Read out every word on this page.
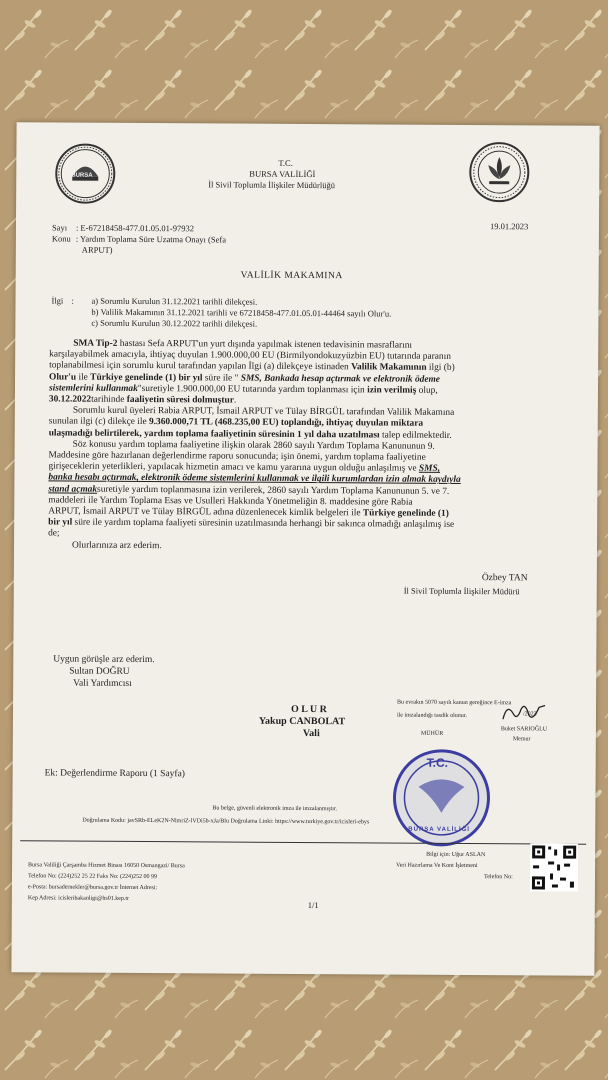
BURSA
T.C.
BURSA VALİLİĞİ
İl Sivil Toplumla İlişkiler Müdürlüğü
Sayı : E-67218458-477.01.05.01-97932	19.01.2023
Konu : Yardım Toplama Süre Uzatma Onayı (Sefa
ARPUT)
VALİLİK MAKAMINA
İlgi : a) Sorumlu Kurulun 31.12.2021 tarihli dilekçesi.
b) Valilik Makamının 31.12.2021 tarihli ve 67218458-477.01.05.01-44464 sayılı Olur'u.
c) Sorumlu Kurulun 30.12.2022 tarihli dilekçesi.
SMA Tip-2 hastası Sefa ARPUT'un yurt dışında yapılmak istenen tedavisinin masraflarını
karşılayabilmek amacıyla, ihtiyaç duyulan 1.900.000,00 EU (Birmilyondokuzyüzbin EU) tutarında paranın
toplanabilmesi için sorumlu kurul tarafından yapılan İlgi (a) dilekçeye istinaden Valilik Makamının ilgi (b)
Olur'u ile Türkiye genelinde (1) bir yıl süre ile " SMS, Bankada hesap açtırmak ve elektronik ödeme
sistemlerini kullanmak"suretiyle 1.900.000,00 EU tutarında yardım toplanması için izin verilmiş olup,
30.12.2022tarihinde faaliyetin süresi dolmuştur.
Sorumlu kurul üyeleri Rabia ARPUT, İsmail ARPUT ve Tülay BİRGÜL tarafından Valilik Makamına
sunulan ilgi (c) dilekçe ile 9.360.000,71 TL (468.235,00 EU) toplandığı, ihtiyaç duyulan miktara
ulaşmadığı belirtilerek, yardım toplama faaliyetinin süresinin 1 yıl daha uzatılması talep edilmektedir.
Söz konusu yardım toplama faaliyetine ilişkin olarak 2860 sayılı Yardım Toplama Kanununun 9.
Maddesine göre hazırlanan değerlendirme raporu sonucunda; işin önemi, yardım toplama faaliyetine
girişeceklerin yeterlikleri, yapılacak hizmetin amacı ve kamu yararına uygun olduğu anlaşılmış ve SMS,
banka hesabı açtırmak, elektronik ödeme sistemlerini kullanmak ve ilgili kurumlardan izin almak kaydıyla
stand açmaksuretiyle yardım toplanmasına izin verilerek, 2860 sayılı Yardım Toplama Kanununun 5. ve 7.
maddeleri ile Yardım Toplama Esas ve Usulleri Hakkında Yönetmeliğin 8. maddesine göre Rabia
ARPUT, İsmail ARPUT ve Tülay BİRGÜL adına düzenlenecek kimlik belgeleri ile Türkiye genelinde (1)
bir yıl süre ile yardım toplama faaliyeti süresinin uzatılmasında herhangi bir sakınca olmadığı anlaşılmış ise
de;
Olurlarınıza arz ederim.
Özbey TAN
İl Sivil Toplumla İlişkiler Müdürü
Uygun görüşle arz ederim.
Sultan DOĞRU
Vali Yardımcısı
O L U R
Yakup CANBOLAT
Vali
Bu evrakın 5070 sayılı kanun gereğince E-imza
ile imzalandığı tasdik olunur.	/2023
MÜHÜR
Buket SARIOĞLU
Memur
Ek: Değerlendirme Raporu (1 Sayfa)
T.C.
BURSA VALİLİĞİ
Bu belge, güvenli elektronik imza ile imzalanmıştır.
Doğrulama Kodu: javSRb-ELeK2N-NlmriZ-lVDi5b-xJa/Blu Doğrulama Linki: https://www.turkiye.gov.tr/icisleri-ebys
Bursa Valiliği Çarşamba Hizmet Binası 16050 Osmangazi/ Bursa
Telefon No: (224)252 25 22 Faks No: (224)252 00 99
e-Posta: bursadernekler@bursa.gov.tr İnternet Adresi:
Kep Adresi: icisleribakanligi@hs01.kep.tr
Bilgi için: Uğur ASLAN
Veri Hazırlama Ve Kont İşletmeni
Telefon No:
1/1
